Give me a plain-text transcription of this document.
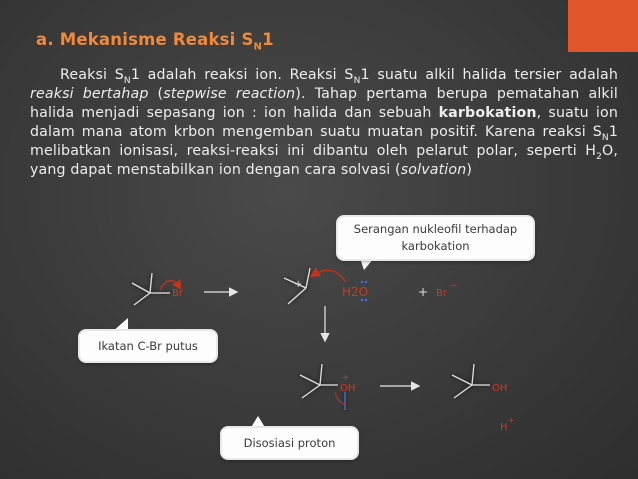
a. Mekanisme Reaksi $S_N1$

Reaksi $S_N1$ adalah reaksi ion. Reaksi $S_N1$ suatu alkil halida tersier adalah reaksi bertahap (stepwise reaction). Tahap pertama berupa pematahan alkil halida menjadi sepasang ion : ion halida dan sebuah karbokation, suatu ion dalam mana atom krbon mengemban suatu muatan positif. Karena reaksi $S_N1$ melibatkan ionisasi, reaksi-reaksi ini dibantu oleh pelarut polar, seperti $H_2O$, yang dapat menstabilkan ion dengan cara solvasi (solvation)

Br
+
H2O	+ Br
−
OH
+
OH
H
+
Serangan nukleofil terhadap
karbokation
Ikatan C-Br putus
Disosiasi proton
